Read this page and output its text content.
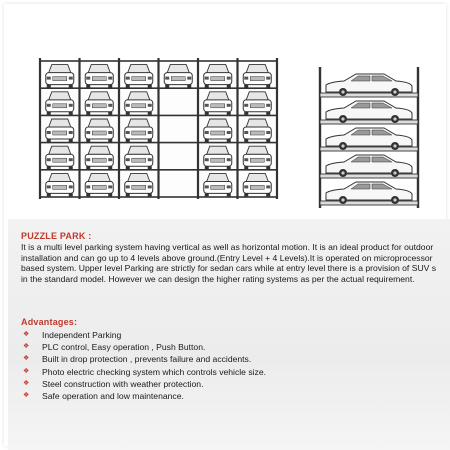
PUZZLE PARK :

It is a multi level parking system having vertical as well as horizontal motion. It is an ideal product for outdoor installation and can go up to 4 levels above ground.(Entry Level + 4 Levels).It is operated on microprocessor based system. Upper level Parking are strictly for sedan cars while at entry level there is a provision of SUV s in the standard model. However we can design the higher rating systems as per the actual requirement.

Advantages:
❖ Independent Parking
❖ PLC control, Easy operation , Push Button.
❖ Built in drop protection , prevents failure and accidents.
❖ Photo electric checking system which controls vehicle size.
❖ Steel construction with weather protection.
❖ Safe operation and low maintenance.
